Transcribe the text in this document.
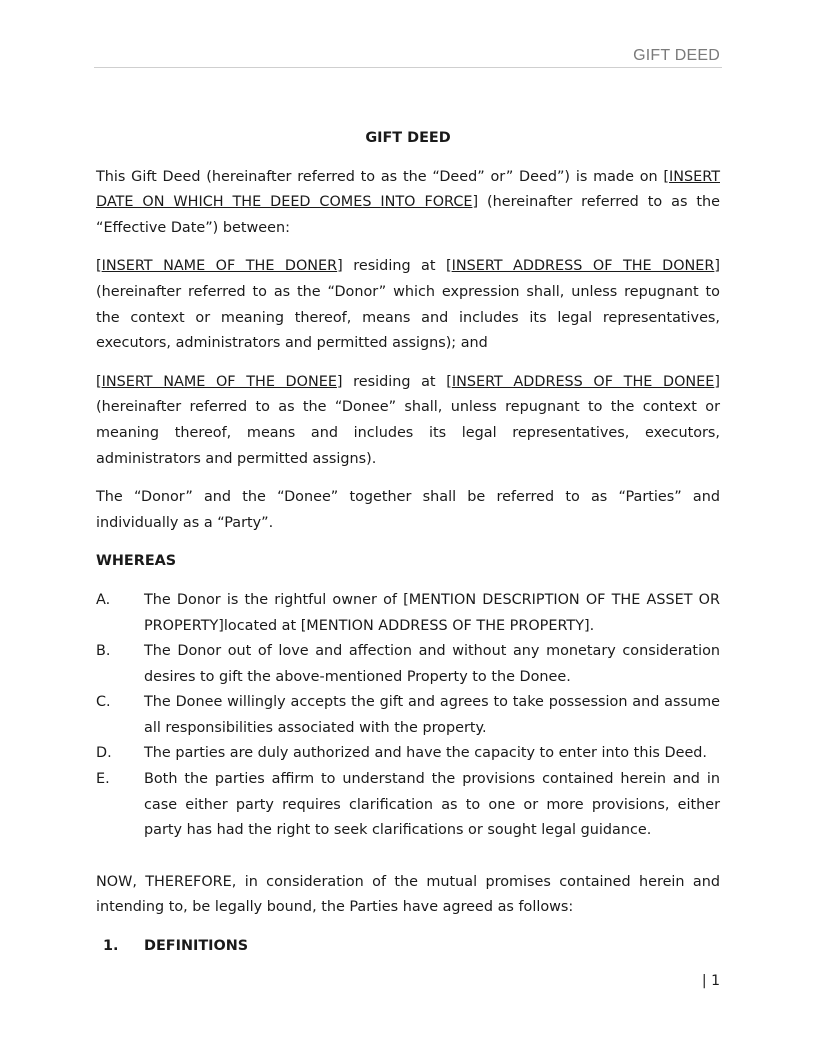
GIFT DEED
GIFT DEED

This Gift Deed (hereinafter referred to as the “Deed” or” Deed”) is made on [INSERT DATE ON WHICH THE DEED COMES INTO FORCE] (hereinafter referred to as the “Effective Date”) between:

[INSERT NAME OF THE DONER] residing at [INSERT ADDRESS OF THE DONER] (hereinafter referred to as the “Donor” which expression shall, unless repugnant to the context or meaning thereof, means and includes its legal representatives, executors, administrators and permitted assigns); and

[INSERT NAME OF THE DONEE] residing at [INSERT ADDRESS OF THE DONEE] (hereinafter referred to as the “Donee” shall, unless repugnant to the context or meaning thereof, means and includes its legal representatives, executors, administrators and permitted assigns).

The “Donor” and the “Donee” together shall be referred to as “Parties” and individually as a “Party”.

WHEREAS
A. The Donor is the rightful owner of [MENTION DESCRIPTION OF THE ASSET OR PROPERTY]located at [MENTION ADDRESS OF THE PROPERTY].
B. The Donor out of love and affection and without any monetary consideration desires to gift the above-mentioned Property to the Donee.
C. The Donee willingly accepts the gift and agrees to take possession and assume all responsibilities associated with the property.
D. The parties are duly authorized and have the capacity to enter into this Deed.
E. Both the parties affirm to understand the provisions contained herein and in case either party requires clarification as to one or more provisions, either party has had the right to seek clarifications or sought legal guidance.

NOW, THEREFORE, in consideration of the mutual promises contained herein and intending to, be legally bound, the Parties have agreed as follows:

1. DEFINITIONS
| 1
